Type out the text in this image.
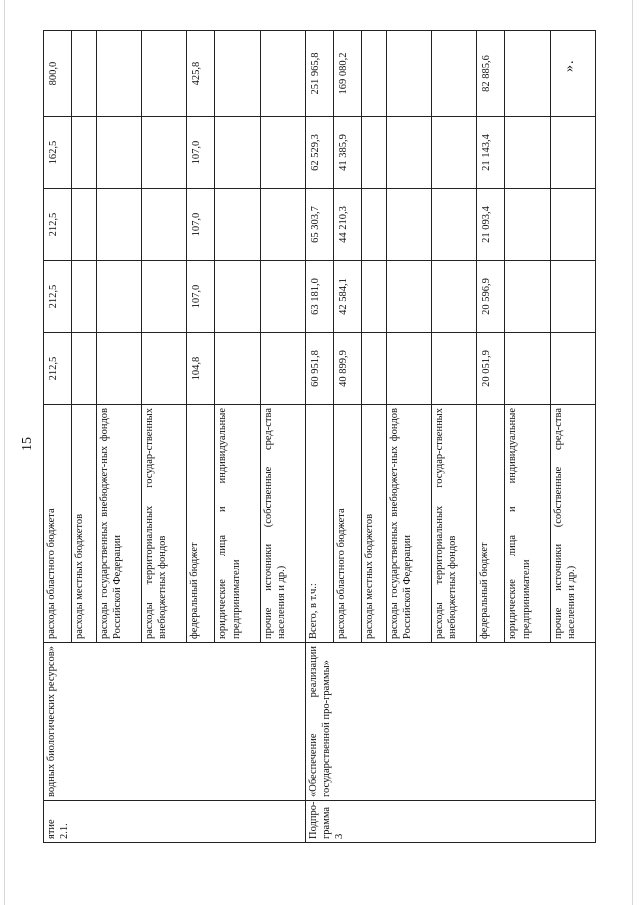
15
».
ятие 2.1.	водных биологических ресурсов»	расходы областного бюджета	212,5	212,5	212,5	162,5	800,0
		расходы местных бюджетов					
		расходы государственных внебюджет-ных фондов Российской Федерации					
		расходы территориальных государ-ственных внебюджетных фондов					
		федеральный бюджет	104,8	107,0	107,0	107,0	425,8
		юридические лица и индивидуальные предприниматели					
		прочие источники (собственные сред-ства населения и др.)					
Подпро-грамма 3	«Обеспечение реализации государственной про-граммы»	Всего, в т.ч.:	60 951,8	63 181,0	65 303,7	62 529,3	251 965,8
		расходы областного бюджета	40 899,9	42 584,1	44 210,3	41 385,9	169 080,2
		расходы местных бюджетов					
		расходы государственных внебюджет-ных фондов Российской Федерации					
		расходы территориальных государ-ственных внебюджетных фондов					
		федеральный бюджет	20 051,9	20 596,9	21 093,4	21 143,4	82 885,6
		юридические лица и индивидуальные предприниматели					
		прочие источники (собственные сред-ства населения и др.)					
